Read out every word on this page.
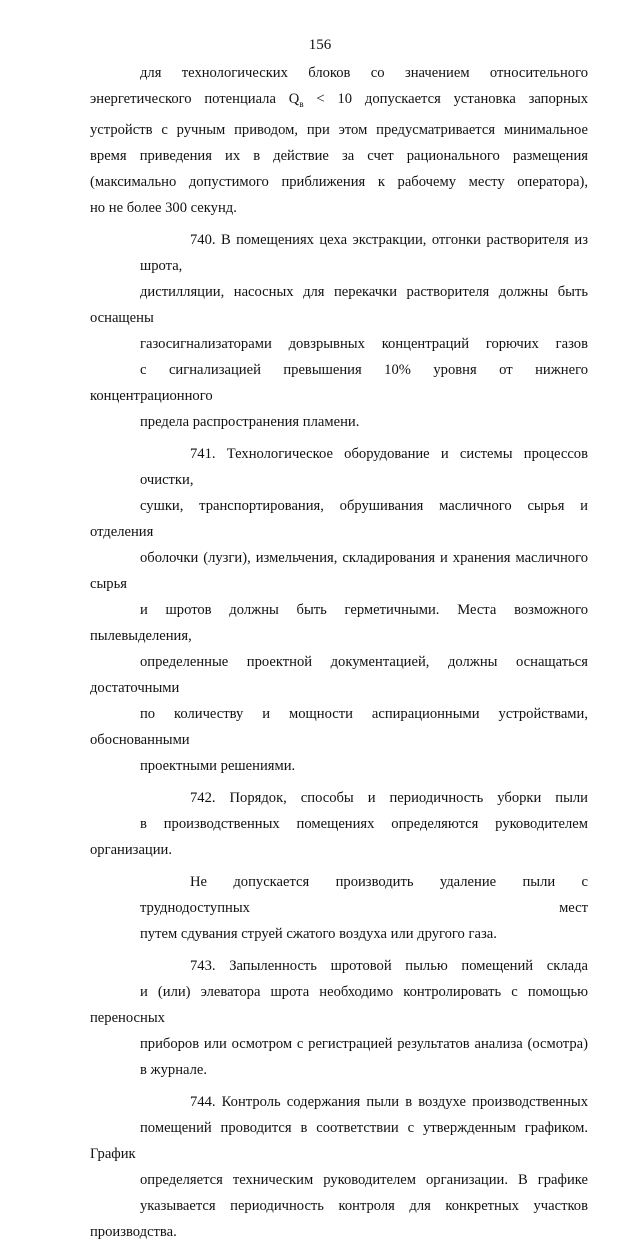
156
для технологических блоков со значением относительного
энергетического потенциала $Q_в < 10$ допускается установка запорных
устройств с ручным приводом, при этом предусматривается минимальное
время приведения их в действие за счет рационального размещения
(максимально допустимого приближения к рабочему месту оператора),
но не более 300 секунд.
740. В помещениях цеха экстракции, отгонки растворителя из шрота,
дистилляции, насосных для перекачки растворителя должны быть оснащены
газосигнализаторами довзрывных концентраций горючих газов
с сигнализацией превышения 10% уровня от нижнего концентрационного
предела распространения пламени.
741. Технологическое оборудование и системы процессов очистки,
сушки, транспортирования, обрушивания масличного сырья и отделения
оболочки (лузги), измельчения, складирования и хранения масличного сырья
и шротов должны быть герметичными. Места возможного пылевыделения,
определенные проектной документацией, должны оснащаться достаточными
по количеству и мощности аспирационными устройствами, обоснованными
проектными решениями.
742. Порядок, способы и периодичность уборки пыли
в производственных помещениях определяются руководителем организации.
Не допускается производить удаление пыли с труднодоступных мест
путем сдувания струей сжатого воздуха или другого газа.
743. Запыленность шротовой пылью помещений склада
и (или) элеватора шрота необходимо контролировать с помощью переносных
приборов или осмотром с регистрацией результатов анализа (осмотра)
в журнале.
744. Контроль содержания пыли в воздухе производственных
помещений проводится в соответствии с утвержденным графиком. График
определяется техническим руководителем организации. В графике
указывается периодичность контроля для конкретных участков производства.
